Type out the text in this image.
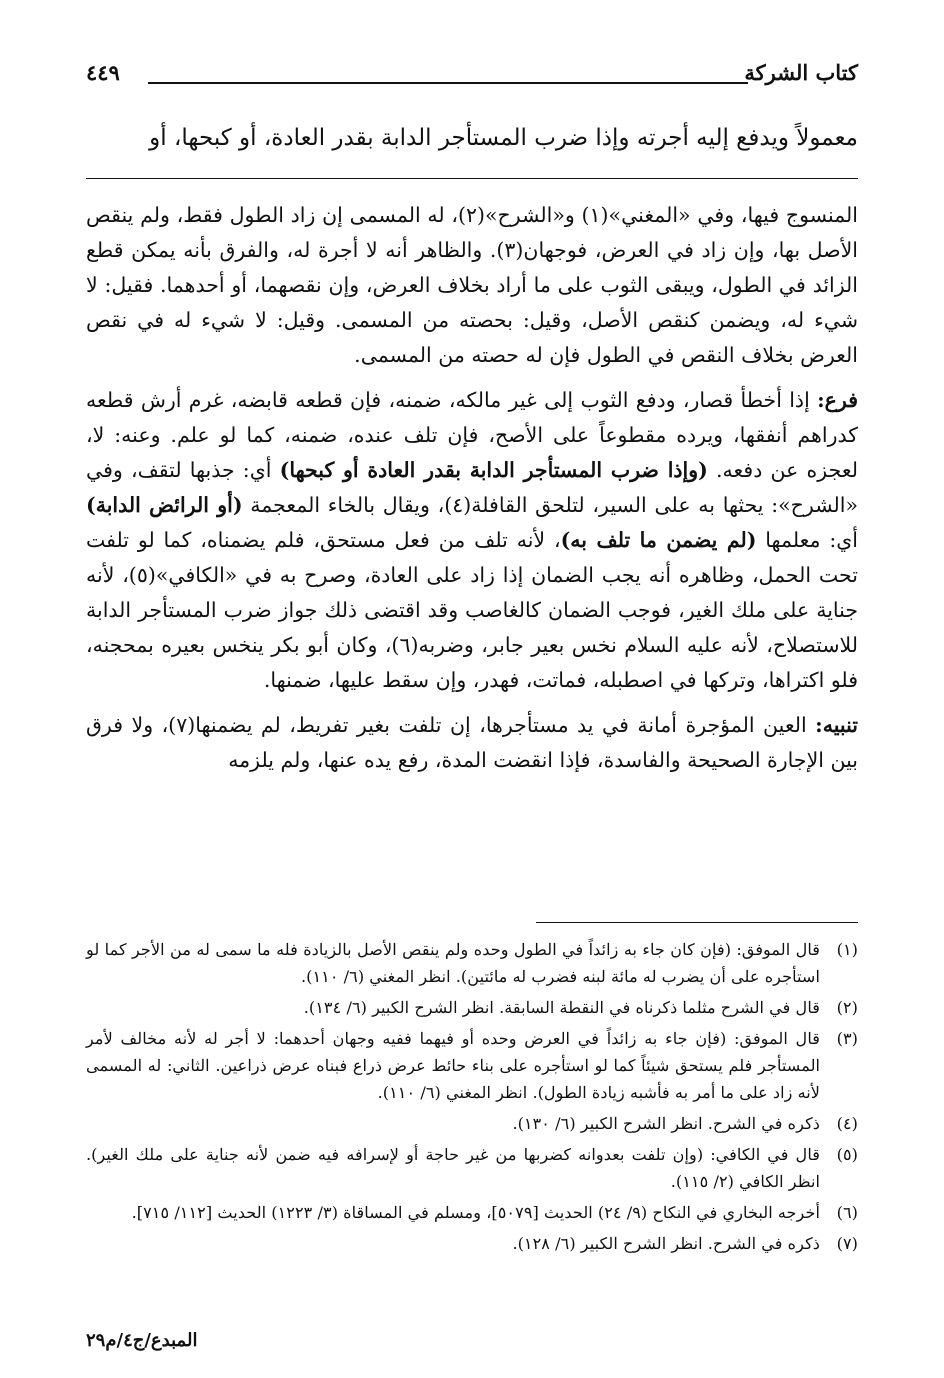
كتاب الشركة
٤٤٩
معمولاً ويدفع إليه أجرته وإذا ضرب المستأجر الدابة بقدر العادة، أو كبحها، أو

المنسوج فيها، وفي «المغني»(١) و«الشرح»(٢)، له المسمى إن زاد الطول فقط، ولم ينقص الأصل بها، وإن زاد في العرض، فوجهان(٣). والظاهر أنه لا أجرة له، والفرق بأنه يمكن قطع الزائد في الطول، ويبقى الثوب على ما أراد بخلاف العرض، وإن نقصهما، أو أحدهما. فقيل: لا شيء له، ويضمن كنقص الأصل، وقيل: بحصته من المسمى. وقيل: لا شيء له في نقص العرض بخلاف النقص في الطول فإن له حصته من المسمى.

فرع: إذا أخطأ قصار، ودفع الثوب إلى غير مالكه، ضمنه، فإن قطعه قابضه، غرم أرش قطعه كدراهم أنفقها، ويرده مقطوعاً على الأصح، فإن تلف عنده، ضمنه، كما لو علم. وعنه: لا، لعجزه عن دفعه. (وإذا ضرب المستأجر الدابة بقدر العادة أو كبحها) أي: جذبها لتقف، وفي «الشرح»: يحثها به على السير، لتلحق القافلة(٤)، ويقال بالخاء المعجمة (أو الرائض الدابة) أي: معلمها (لم يضمن ما تلف به)، لأنه تلف من فعل مستحق، فلم يضمناه، كما لو تلفت تحت الحمل، وظاهره أنه يجب الضمان إذا زاد على العادة، وصرح به في «الكافي»(٥)، لأنه جناية على ملك الغير، فوجب الضمان كالغاصب وقد اقتضى ذلك جواز ضرب المستأجر الدابة للاستصلاح، لأنه عليه السلام نخس بعير جابر، وضربه(٦)، وكان أبو بكر ينخس بعيره بمحجنه، فلو اكتراها، وتركها في اصطبله، فماتت، فهدر، وإن سقط عليها، ضمنها.

تنبيه: العين المؤجرة أمانة في يد مستأجرها، إن تلفت بغير تفريط، لم يضمنها(٧)، ولا فرق بين الإجارة الصحيحة والفاسدة، فإذا انقضت المدة، رفع يده عنها، ولم يلزمه

(١)
قال الموفق: (فإن كان جاء به زائداً في الطول وحده ولم ينقص الأصل بالزيادة فله ما سمى له من الأجر كما لو استأجره على أن يضرب له مائة لبنه فضرب له مائتين). انظر المغني (٦/ ١١٠).
(٢)
قال في الشرح مثلما ذكرناه في النقطة السابقة. انظر الشرح الكبير (٦/ ١٣٤).
(٣)
قال الموفق: (فإن جاء به زائداً في العرض وحده أو فيهما ففيه وجهان أحدهما: لا أجر له لأنه مخالف لأمر المستأجر فلم يستحق شيئاً كما لو استأجره على بناء حائط عرض ذراع فبناه عرض ذراعين. الثاني: له المسمى لأنه زاد على ما أمر به فأشبه زيادة الطول). انظر المغني (٦/ ١١٠).
(٤)
ذكره في الشرح. انظر الشرح الكبير (٦/ ١٣٠).
(٥)
قال في الكافي: (وإن تلفت بعدوانه كضربها من غير حاجة أو لإسرافه فيه ضمن لأنه جناية على ملك الغير). انظر الكافي (٢/ ١١٥).
(٦)
أخرجه البخاري في النكاح (٩/ ٢٤) الحديث [٥٠٧٩]، ومسلم في المساقاة (٣/ ١٢٢٣) الحديث [١١٢/ ٧١٥].
(٧)
ذكره في الشرح. انظر الشرح الكبير (٦/ ١٢٨).
المبدع/ج٤/م٢٩
